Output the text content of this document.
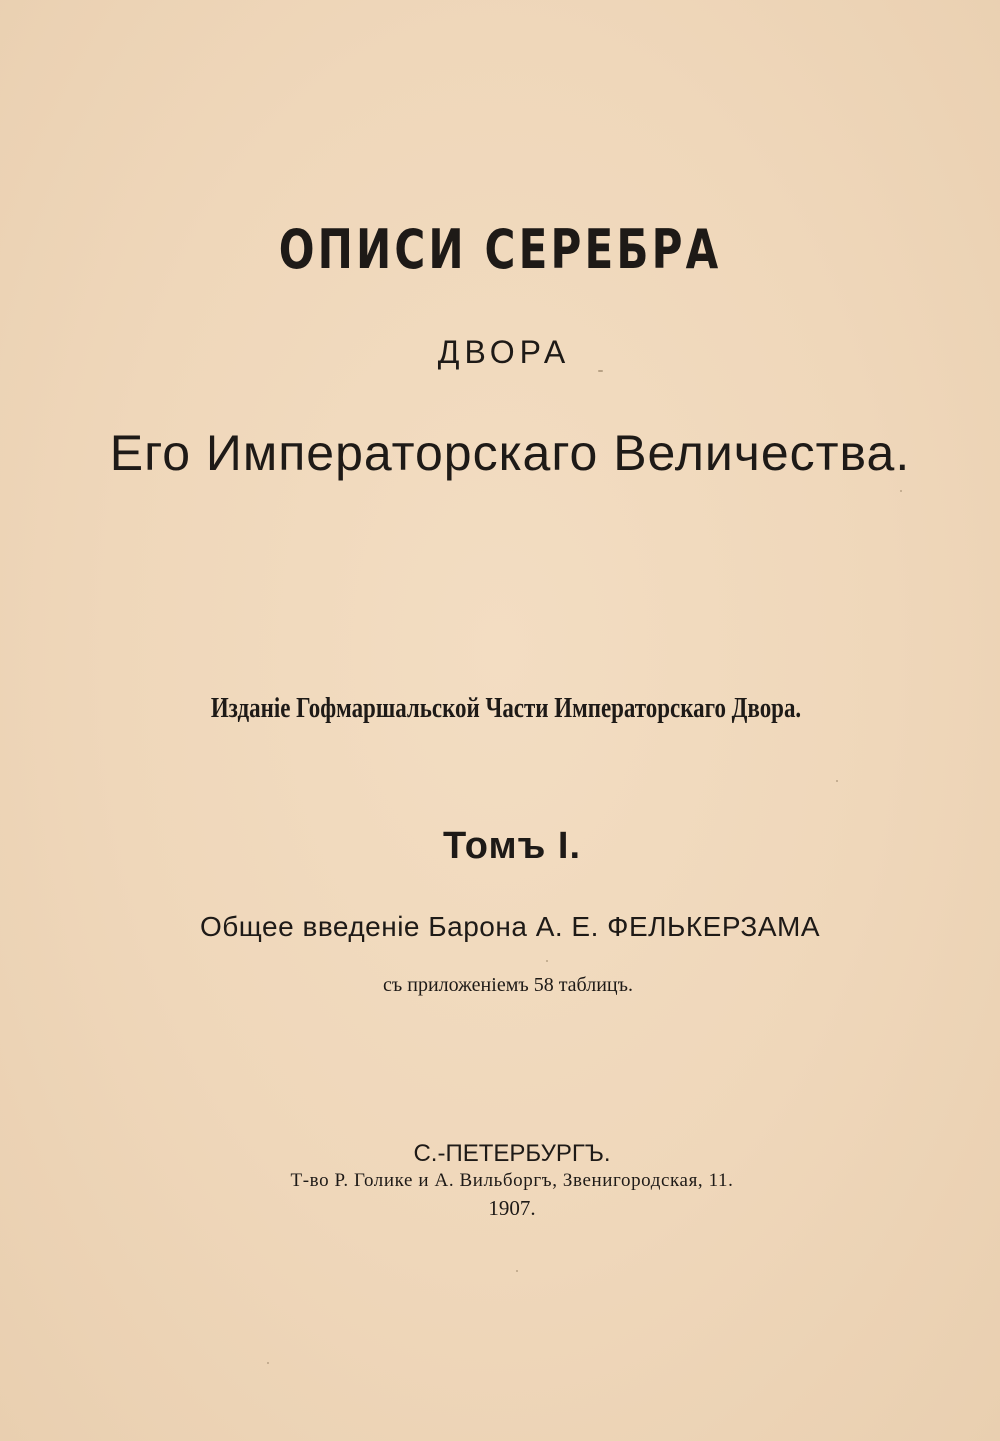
ОПИСИ СЕРЕБРА
ДВОРА
Его Императорскаго Величества.
Изданіе Гофмаршальской Части Императорскаго Двора.
Томъ I.
Общее введеніе Барона А. Е. ФЕЛЬКЕРЗАМА
съ приложеніемъ 58 таблицъ.
С.-ПЕТЕРБУРГЪ.
Т-во Р. Голике и А. Вильборгъ, Звенигородская, 11.
1907.
